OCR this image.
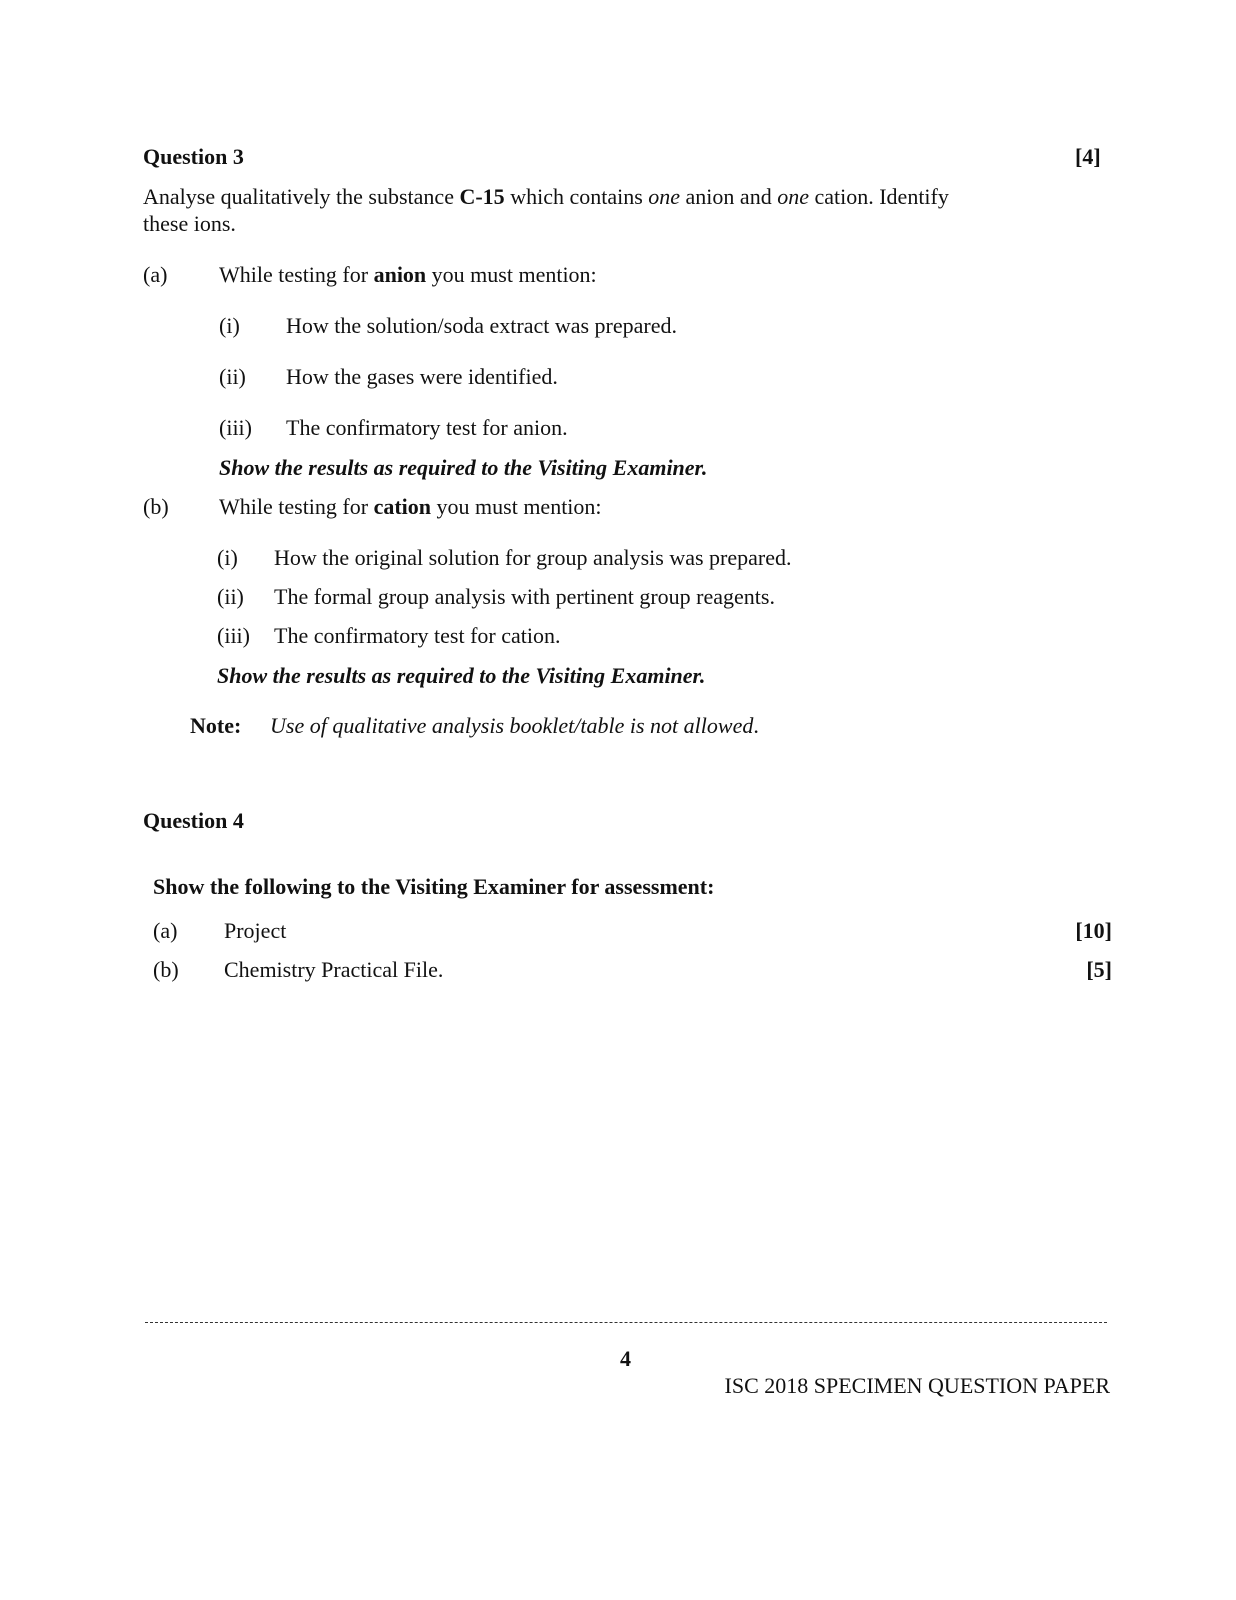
Question 3	[4]
Analyse qualitatively the substance C-15 which contains one anion and one cation. Identify
these ions.
(a) While testing for anion you must mention:
(i) How the solution/soda extract was prepared.
(ii) How the gases were identified.
(iii) The confirmatory test for anion.
Show the results as required to the Visiting Examiner.
(b) While testing for cation you must mention:
(i) How the original solution for group analysis was prepared.
(ii) The formal group analysis with pertinent group reagents.
(iii) The confirmatory test for cation.
Show the results as required to the Visiting Examiner.
Note: Use of qualitative analysis booklet/table is not allowed.
Question 4
Show the following to the Visiting Examiner for assessment:
(a) Project	[10]
(b) Chemistry Practical File.	[5]
4
ISC 2018 SPECIMEN QUESTION PAPER
